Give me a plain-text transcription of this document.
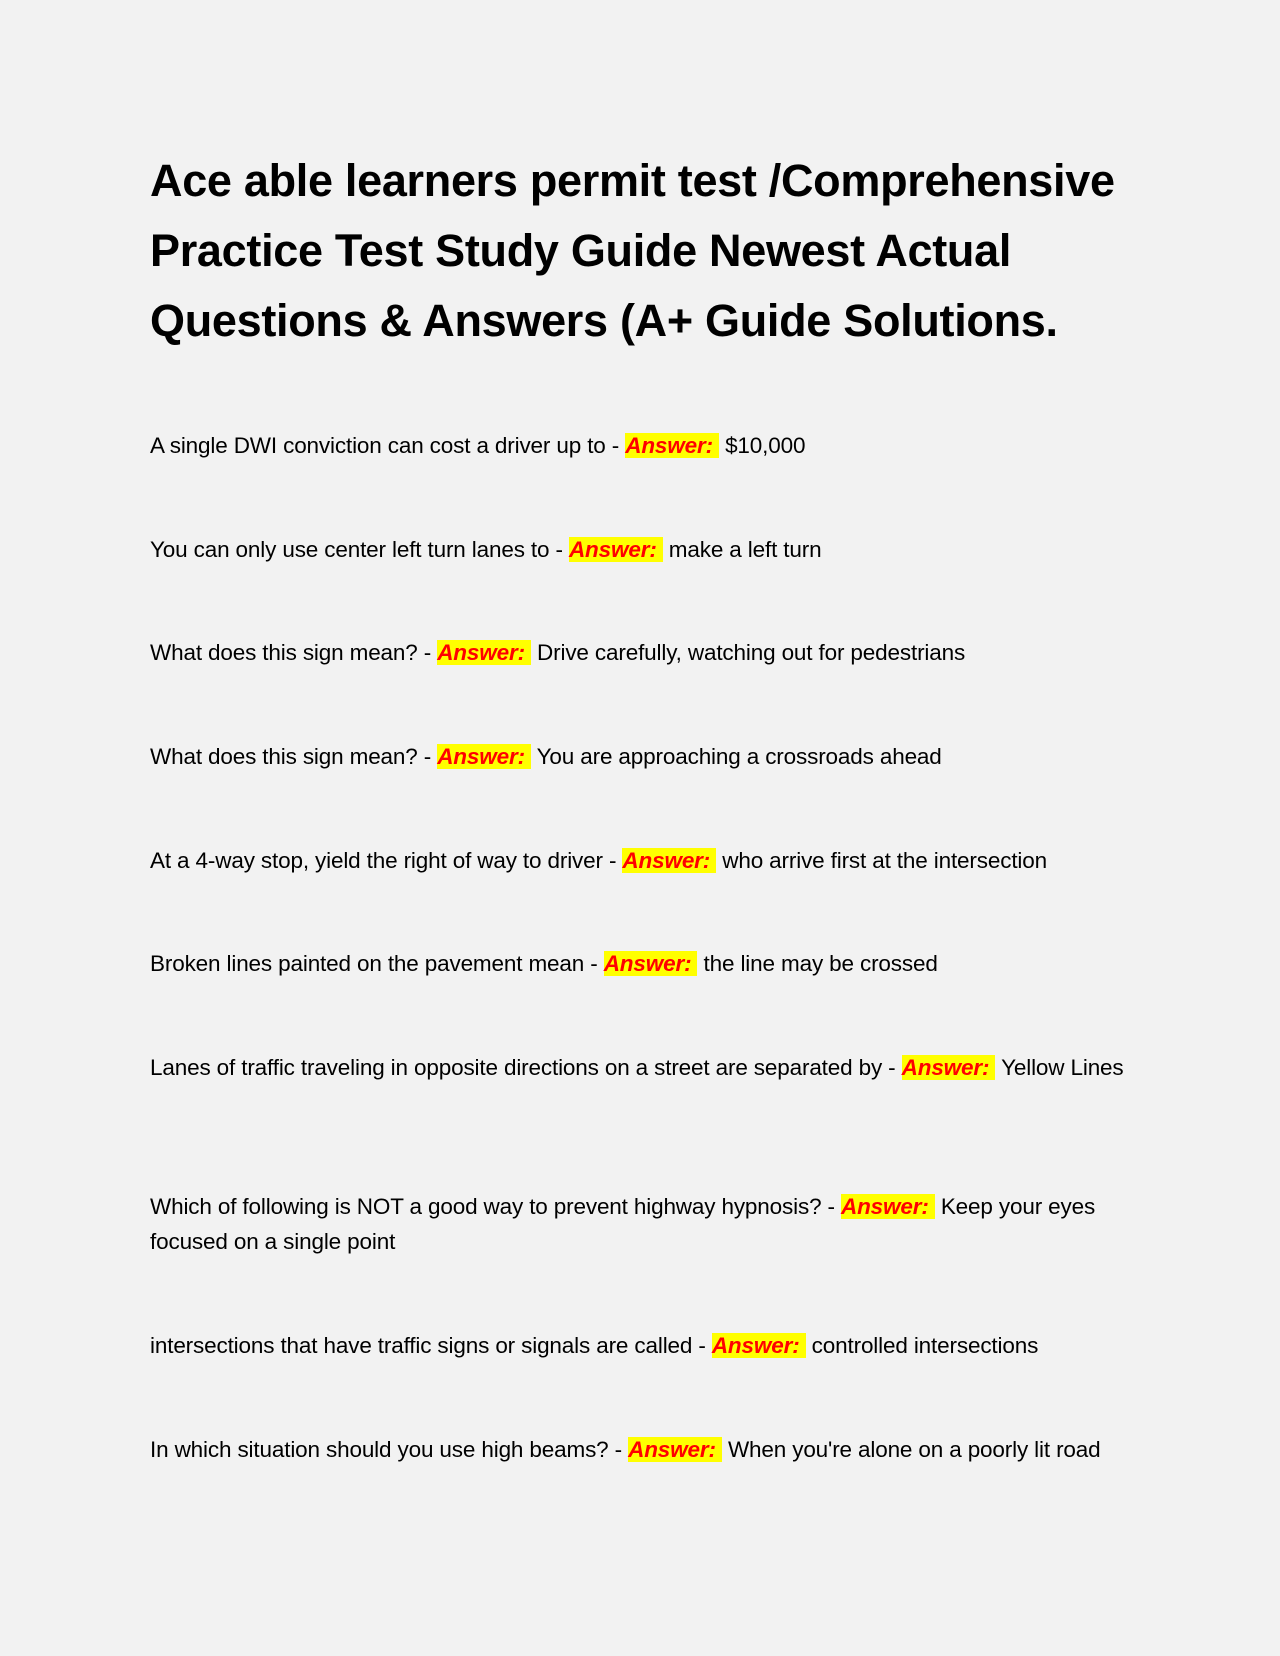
Ace able learners permit test /Comprehensive Practice Test Study Guide Newest Actual Questions & Answers (A+ Guide Solutions.
A single DWI conviction can cost a driver up to - Answer: $10,000
You can only use center left turn lanes to - Answer: make a left turn
What does this sign mean? - Answer: Drive carefully, watching out for pedestrians
What does this sign mean? - Answer: You are approaching a crossroads ahead
At a 4-way stop, yield the right of way to driver - Answer: who arrive first at the intersection
Broken lines painted on the pavement mean - Answer: the line may be crossed
Lanes of traffic traveling in opposite directions on a street are separated by - Answer: Yellow Lines
Which of following is NOT a good way to prevent highway hypnosis? - Answer: Keep your eyes focused on a single point
intersections that have traffic signs or signals are called - Answer: controlled intersections
In which situation should you use high beams? - Answer: When you're alone on a poorly lit road
